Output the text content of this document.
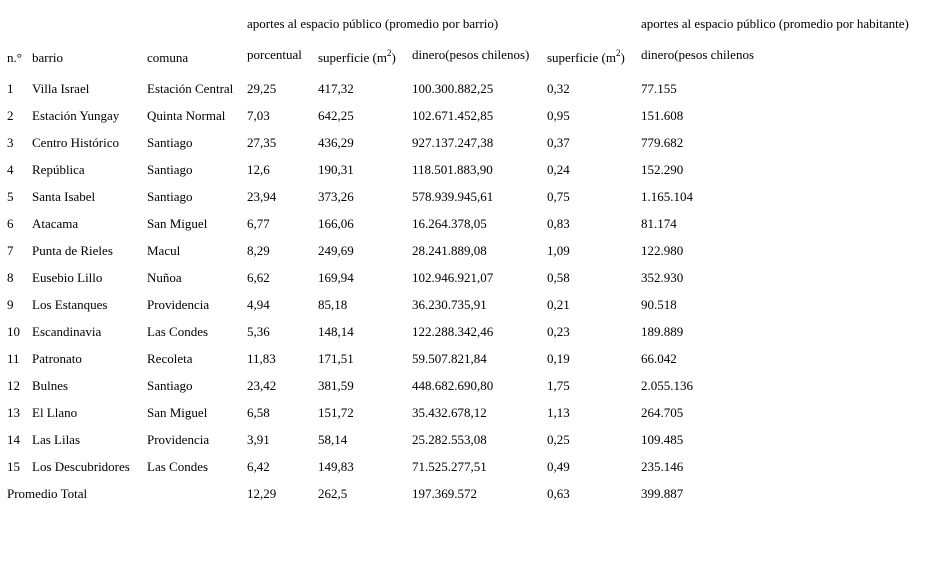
			aportes al espacio público (promedio por barrio)				aportes al espacio público (promedio por habitante)
n.°	barrio	comuna	porcentual	superficie $(m^2)$	dinero(pesos chilenos)	superficie $(m^2)$	dinero(pesos chilenos
1	Villa Israel	Estación Central	29,25	417,32	100.300.882,25	0,32	77.155
2	Estación Yungay	Quinta Normal	7,03	642,25	102.671.452,85	0,95	151.608
3	Centro Histórico	Santiago	27,35	436,29	927.137.247,38	0,37	779.682
4	República	Santiago	12,6	190,31	118.501.883,90	0,24	152.290
5	Santa Isabel	Santiago	23,94	373,26	578.939.945,61	0,75	1.165.104
6	Atacama	San Miguel	6,77	166,06	16.264.378,05	0,83	81.174
7	Punta de Rieles	Macul	8,29	249,69	28.241.889,08	1,09	122.980
8	Eusebio Lillo	Nuñoa	6,62	169,94	102.946.921,07	0,58	352.930
9	Los Estanques	Providencia	4,94	85,18	36.230.735,91	0,21	90.518
10	Escandinavia	Las Condes	5,36	148,14	122.288.342,46	0,23	189.889
11	Patronato	Recoleta	11,83	171,51	59.507.821,84	0,19	66.042
12	Bulnes	Santiago	23,42	381,59	448.682.690,80	1,75	2.055.136
13	El Llano	San Miguel	6,58	151,72	35.432.678,12	1,13	264.705
14	Las Lilas	Providencia	3,91	58,14	25.282.553,08	0,25	109.485
15	Los Descubridores	Las Condes	6,42	149,83	71.525.277,51	0,49	235.146
Promedio Total			12,29	262,5	197.369.572	0,63	399.887
